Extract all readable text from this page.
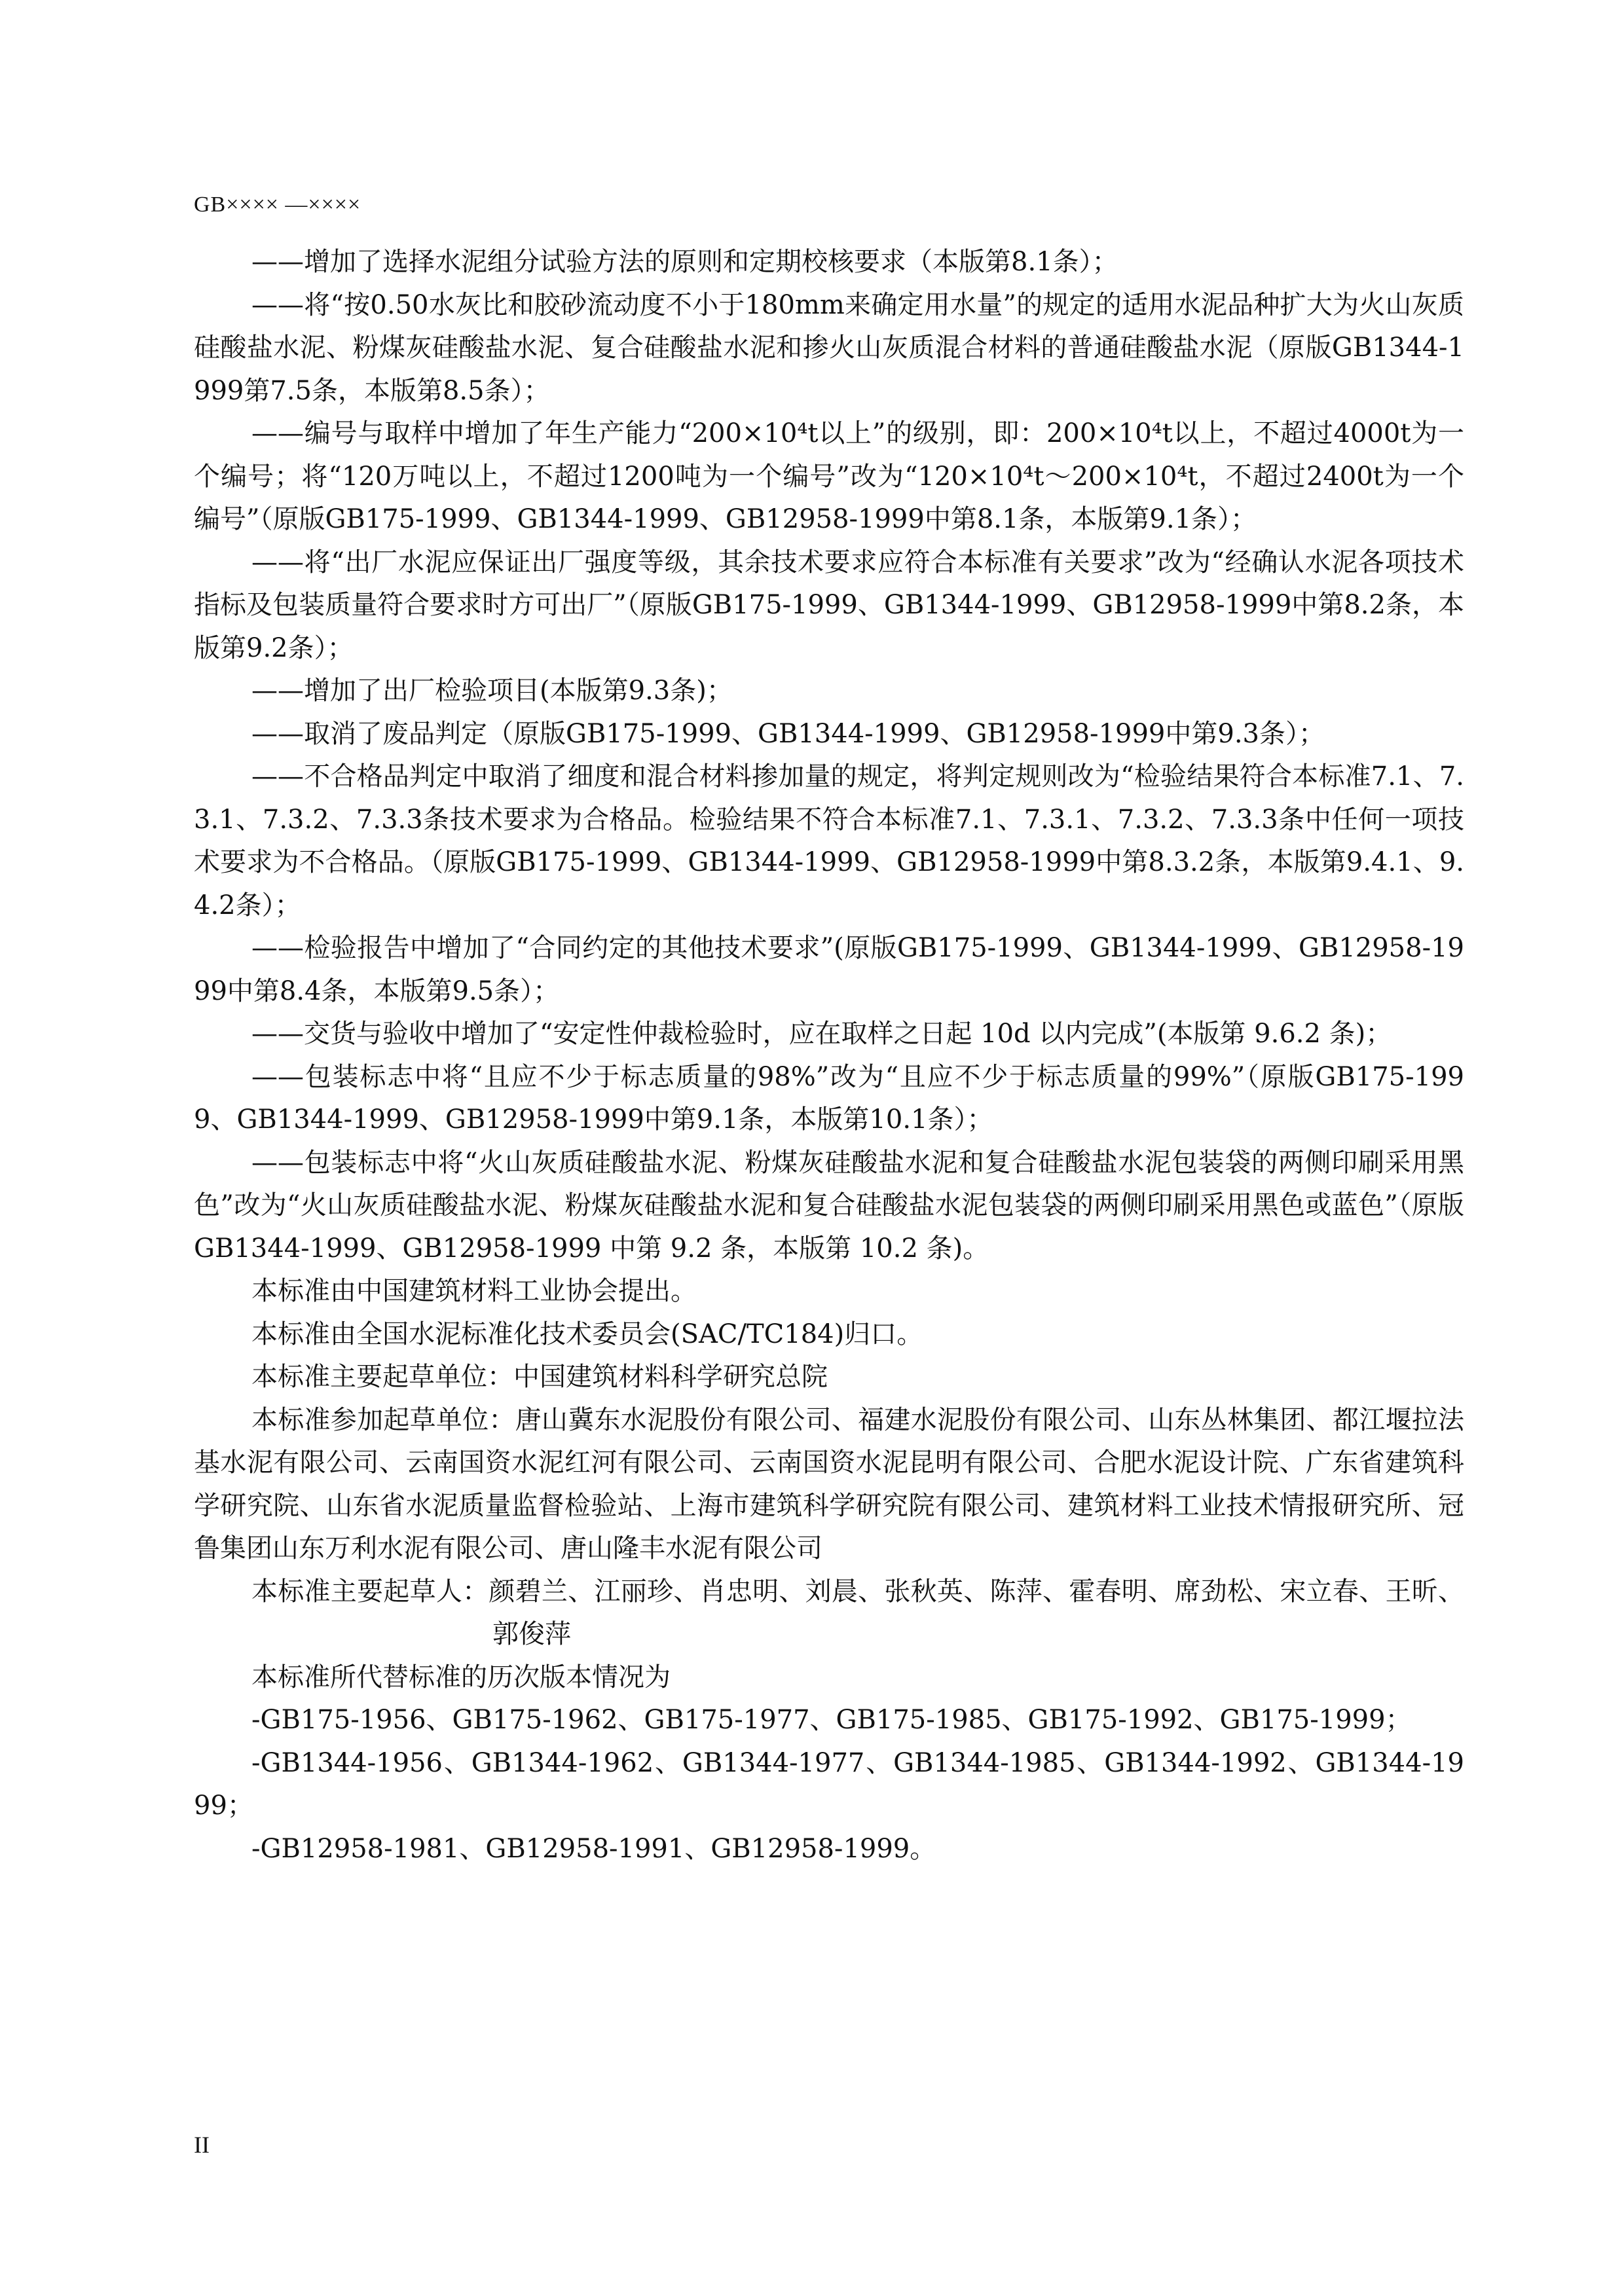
GB×××× —××××

——增加了选择水泥组分试验方法的原则和定期校核要求（本版第8.1条）；

——将“按0.50水灰比和胶砂流动度不小于180mm来确定用水量”的规定的适用水泥品种扩大为火山灰质硅酸盐水泥、粉煤灰硅酸盐水泥、复合硅酸盐水泥和掺火山灰质混合材料的普通硅酸盐水泥（原版GB1344-1999第7.5条，本版第8.5条）；

——编号与取样中增加了年生产能力“200×10⁴t以上”的级别，即：200×10⁴t以上，不超过4000t为一个编号；将“120万吨以上，不超过1200吨为一个编号”改为“120×10⁴t～200×10⁴t，不超过2400t为一个编号”（原版GB175-1999、GB1344-1999、GB12958-1999中第8.1条，本版第9.1条）；

——将“出厂水泥应保证出厂强度等级，其余技术要求应符合本标准有关要求”改为“经确认水泥各项技术指标及包装质量符合要求时方可出厂”（原版GB175-1999、GB1344-1999、GB12958-1999中第8.2条，本版第9.2条）；

——增加了出厂检验项目(本版第9.3条)；

——取消了废品判定（原版GB175-1999、GB1344-1999、GB12958-1999中第9.3条）；

——不合格品判定中取消了细度和混合材料掺加量的规定，将判定规则改为“检验结果符合本标准7.1、7.3.1、7.3.2、7.3.3条技术要求为合格品。检验结果不符合本标准7.1、7.3.1、7.3.2、7.3.3条中任何一项技术要求为不合格品。（原版GB175-1999、GB1344-1999、GB12958-1999中第8.3.2条，本版第9.4.1、9.4.2条）；

——检验报告中增加了“合同约定的其他技术要求”(原版GB175-1999、GB1344-1999、GB12958-1999中第8.4条，本版第9.5条）；

——交货与验收中增加了“安定性仲裁检验时，应在取样之日起 10d 以内完成”(本版第 9.6.2 条)；

——包装标志中将“且应不少于标志质量的98%”改为“且应不少于标志质量的99%”（原版GB175-1999、GB1344-1999、GB12958-1999中第9.1条，本版第10.1条）；

——包装标志中将“火山灰质硅酸盐水泥、粉煤灰硅酸盐水泥和复合硅酸盐水泥包装袋的两侧印刷采用黑色”改为“火山灰质硅酸盐水泥、粉煤灰硅酸盐水泥和复合硅酸盐水泥包装袋的两侧印刷采用黑色或蓝色”（原版 GB1344-1999、GB12958-1999 中第 9.2 条，本版第 10.2 条)。

本标准由中国建筑材料工业协会提出。

本标准由全国水泥标准化技术委员会(SAC/TC184)归口。

本标准主要起草单位：中国建筑材料科学研究总院

本标准参加起草单位：唐山冀东水泥股份有限公司、福建水泥股份有限公司、山东丛林集团、都江堰拉法基水泥有限公司、云南国资水泥红河有限公司、云南国资水泥昆明有限公司、合肥水泥设计院、广东省建筑科学研究院、山东省水泥质量监督检验站、上海市建筑科学研究院有限公司、建筑材料工业技术情报研究所、冠鲁集团山东万利水泥有限公司、唐山隆丰水泥有限公司

本标准主要起草人：颜碧兰、江丽珍、肖忠明、刘晨、张秋英、陈萍、霍春明、席劲松、宋立春、王昕、郭俊萍

本标准所代替标准的历次版本情况为

-GB175-1956、GB175-1962、GB175-1977、GB175-1985、GB175-1992、GB175-1999；

-GB1344-1956、GB1344-1962、GB1344-1977、GB1344-1985、GB1344-1992、GB1344-1999；

-GB12958-1981、GB12958-1991、GB12958-1999。

II
